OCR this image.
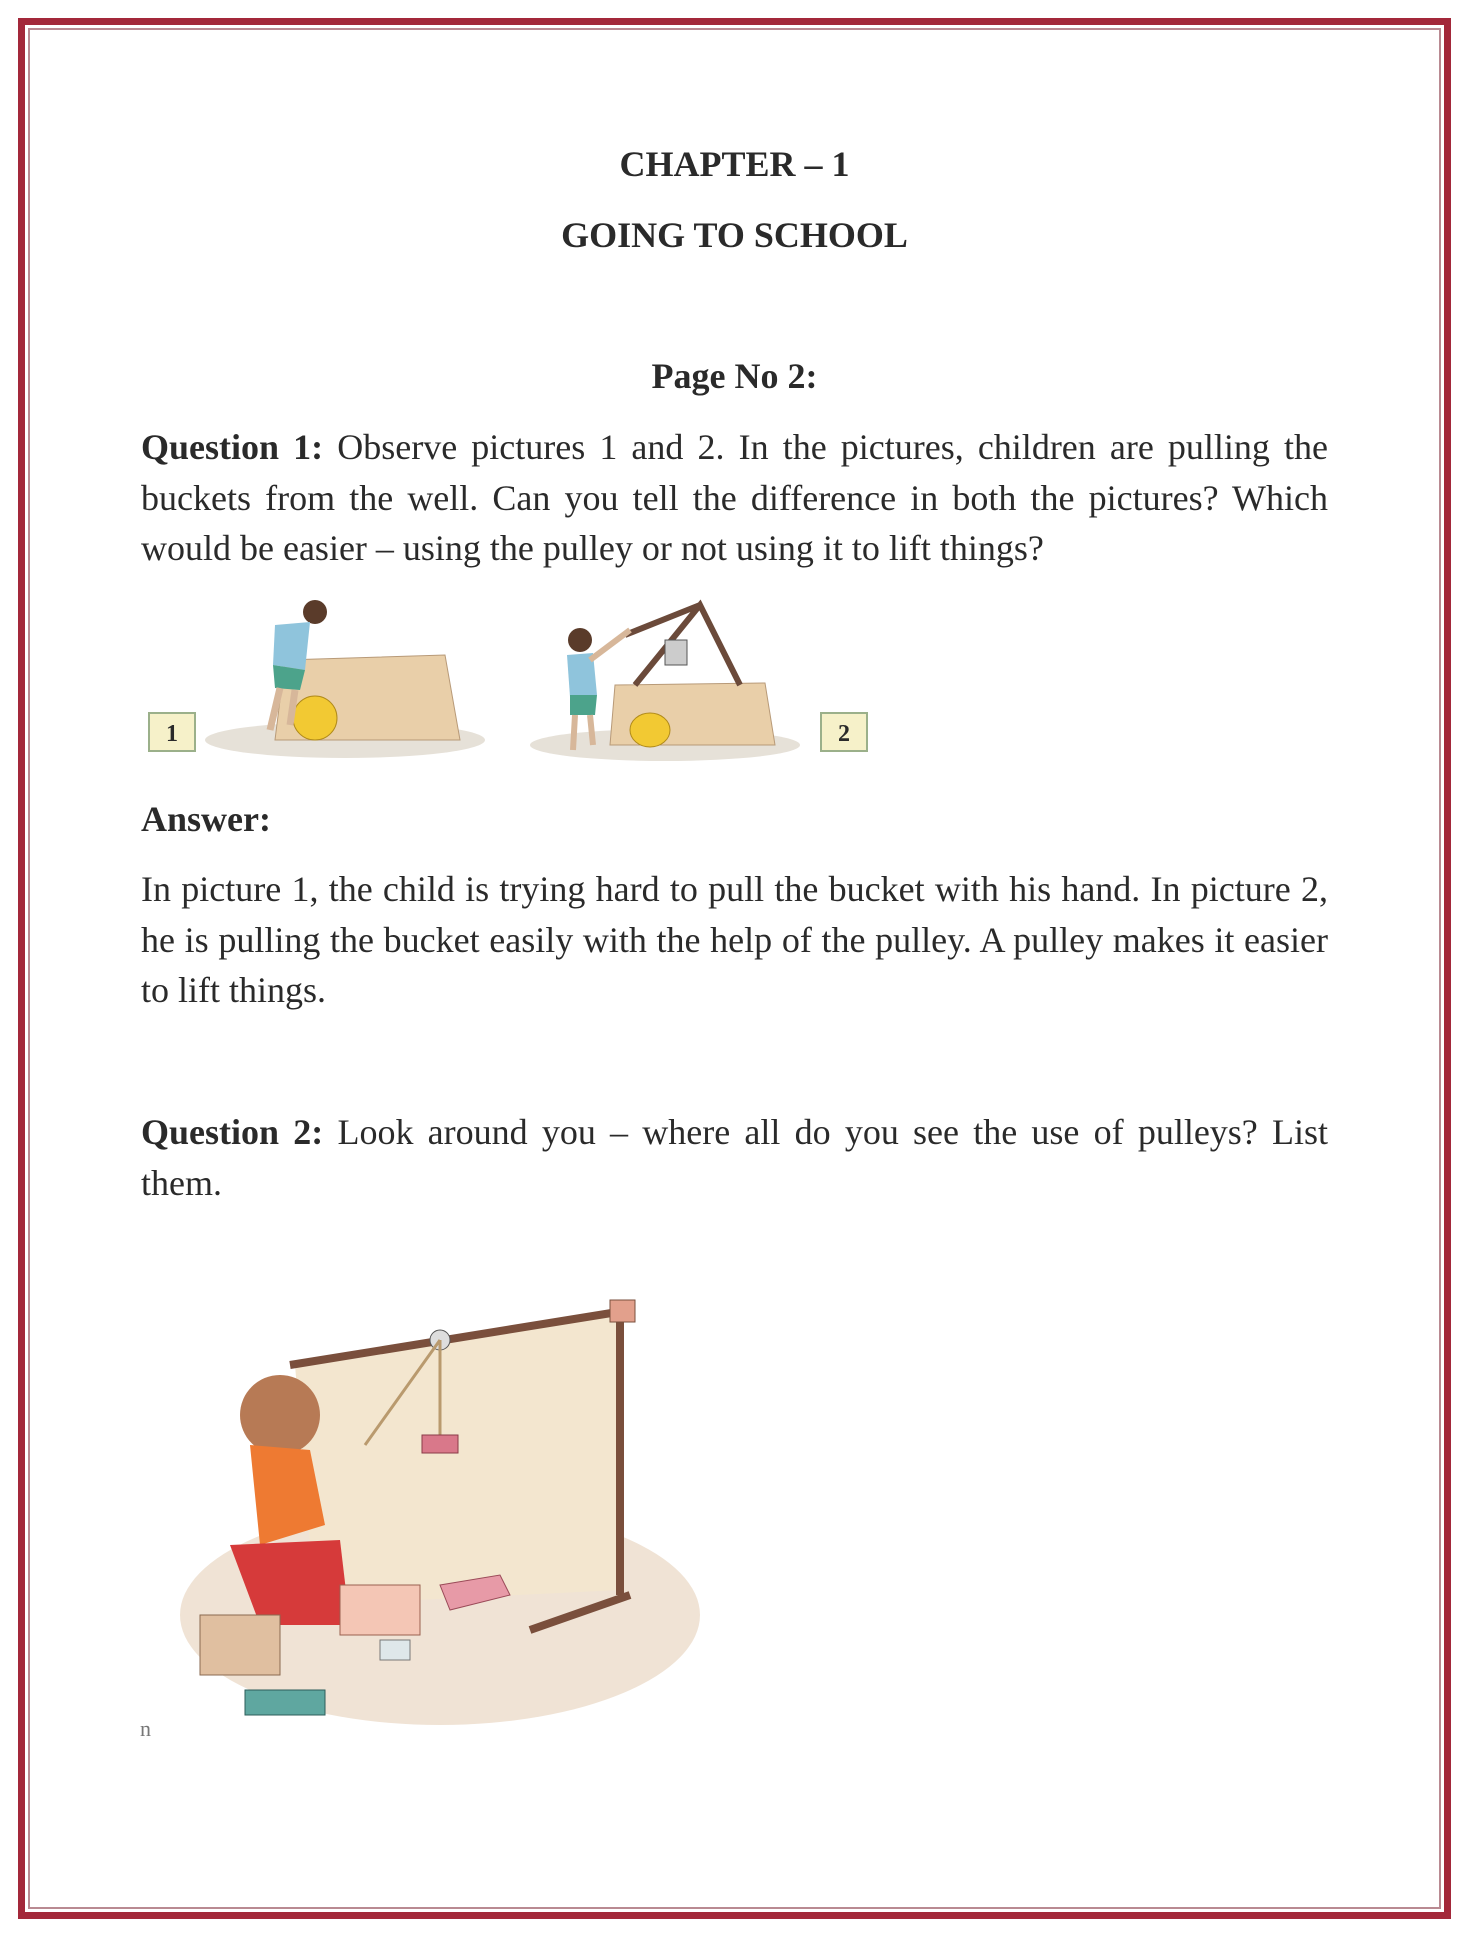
CHAPTER – 1
GOING TO SCHOOL
Page No 2:
Question 1: Observe pictures 1 and 2. In the pictures, children are pulling the buckets from the well. Can you tell the difference in both the pictures? Which would be easier – using the pulley or not using it to lift things?
1	2
Answer:
In picture 1, the child is trying hard to pull the bucket with his hand. In picture 2, he is pulling the bucket easily with the help of the pulley. A pulley makes it easier to lift things.
Question 2: Look around you – where all do you see the use of pulleys? List them.
n
